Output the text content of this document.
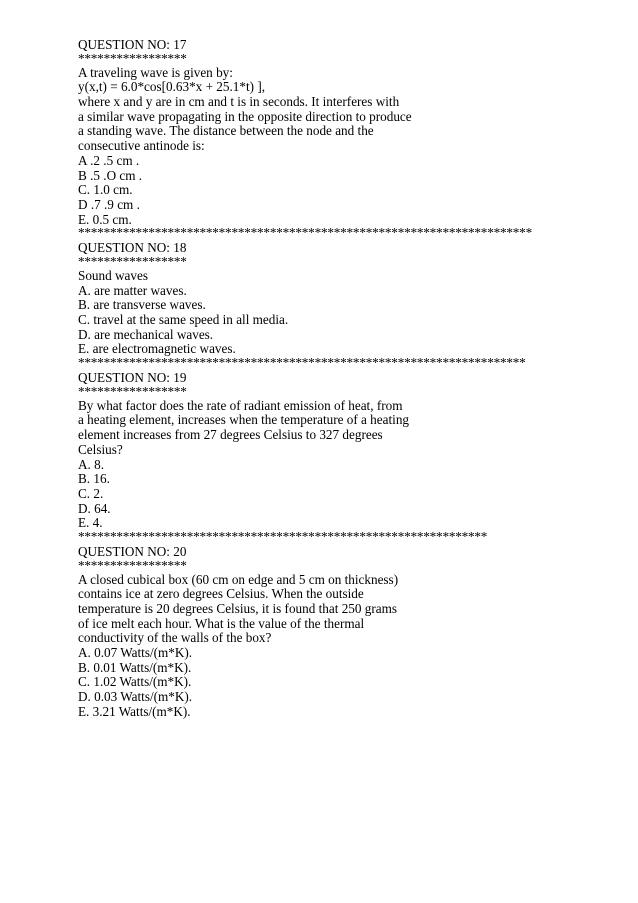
QUESTION NO: 17
*****************
A traveling wave is given by:
y(x,t) = 6.0*cos[0.63*x + 25.1*t) ],
where x and y are in cm and t is in seconds. It interferes with
a similar wave propagating in the opposite direction to produce
a standing wave. The distance between the node and the
consecutive antinode is:
A .2 .5 cm .
B .5 .O cm .
C. 1.0 cm.
D .7 .9 cm .
E. 0.5 cm.
***********************************************************************
QUESTION NO: 18
*****************
Sound waves
A. are matter waves.
B. are transverse waves.
C. travel at the same speed in all media.
D. are mechanical waves.
E. are electromagnetic waves.
**********************************************************************
QUESTION NO: 19
*****************
By what factor does the rate of radiant emission of heat, from
a heating element, increases when the temperature of a heating
element increases from 27 degrees Celsius to 327 degrees
Celsius?
A. 8.
B. 16.
C. 2.
D. 64.
E. 4.
****************************************************************
QUESTION NO: 20
*****************
A closed cubical box (60 cm on edge and 5 cm on thickness)
contains ice at zero degrees Celsius. When the outside
temperature is 20 degrees Celsius, it is found that 250 grams
of ice melt each hour. What is the value of the thermal
conductivity of the walls of the box?
A. 0.07 Watts/(m*K).
B. 0.01 Watts/(m*K).
C. 1.02 Watts/(m*K).
D. 0.03 Watts/(m*K).
E. 3.21 Watts/(m*K).
